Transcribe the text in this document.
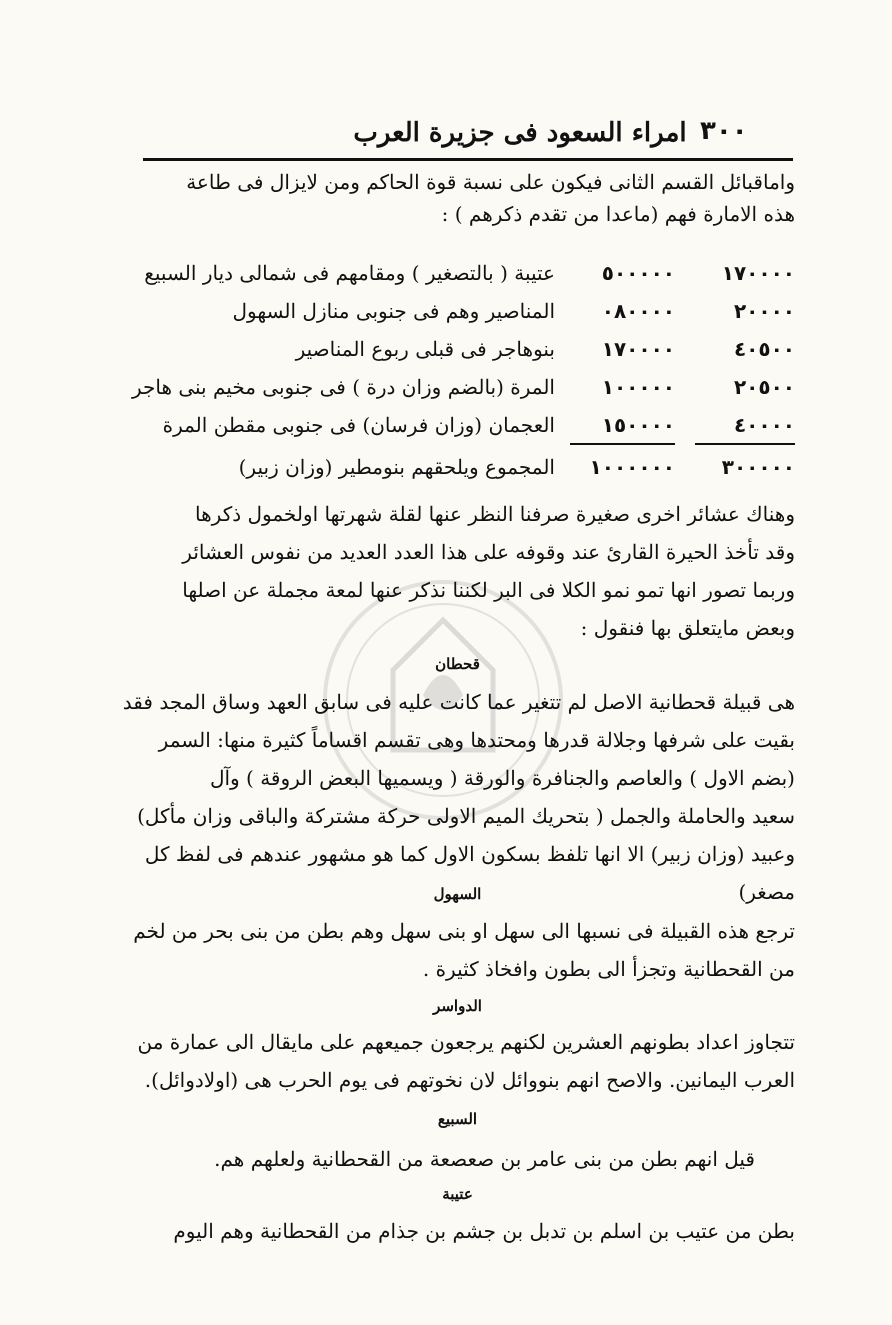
امراء السعود فى جزيرة العرب ٣٠٠
واماقبائل القسم الثانى فيكون على نسبة قوة الحاكم ومن لايزال فى طاعة
هذه الامارة فهم (ماعدا من تقدم ذكرهم ) :
١٧٠٠٠٠
٥٠٠٠٠٠
عتيبة ( بالتصغير ) ومقامهم فى شمالى ديار السبيع
٢٠٠٠٠
٠٨٠٠٠٠
المناصير وهم فى جنوبى منازل السهول
٤٠٥٠٠
١٧٠٠٠٠
بنوهاجر فى قبلى ربوع المناصير
٢٠٥٠٠
١٠٠٠٠٠
المرة (بالضم وزان درة ) فى جنوبى مخيم بنى هاجر
٤٠٠٠٠
١٥٠٠٠٠
العجمان (وزان فرسان) فى جنوبى مقطن المرة
٣٠٠٠٠٠
١٠٠٠٠٠٠
المجموع ويلحقهم بنومطير (وزان زبير)
وهناك عشائر اخرى صغيرة صرفنا النظر عنها لقلة شهرتها اولخمول ذكرها
وقد تأخذ الحيرة القارئ عند وقوفه على هذا العدد العديد من نفوس العشائر
وربما تصور انها تمو نمو الكلا فى البر لكننا نذكر عنها لمعة مجملة عن اصلها
وبعض مايتعلق بها فنقول :
قحطان
هى قبيلة قحطانية الاصل لم تتغير عما كانت عليه فى سابق العهد وساق المجد فقد
بقيت على شرفها وجلالة قدرها ومحتدها وهى تقسم اقساماً كثيرة منها: السمر
(بضم الاول ) والعاصم والجنافرة والورقة ( ويسميها البعض الروقة ) وآل
سعيد والحاملة والجمل ( بتحريك الميم الاولى حركة مشتركة والباقى وزان مأكل)
وعبيد (وزان زبير) الا انها تلفظ بسكون الاول كما هو مشهور عندهم فى لفظ كل مصغر)
السهول
ترجع هذه القبيلة فى نسبها الى سهل او بنى سهل وهم بطن من بنى بحر من لخم
من القحطانية وتجزأ الى بطون وافخاذ كثيرة .
الدواسر
تتجاوز اعداد بطونهم العشرين لكنهم يرجعون جميعهم على مايقال الى عمارة من
العرب اليمانين. والاصح انهم بنووائل لان نخوتهم فى يوم الحرب هى (اولادوائل).
السبيع
قيل انهم بطن من بنى عامر بن صعصعة من القحطانية ولعلهم هم.
عتيبة
بطن من عتيب بن اسلم بن تدبل بن جشم بن جذام من القحطانية وهم اليوم
